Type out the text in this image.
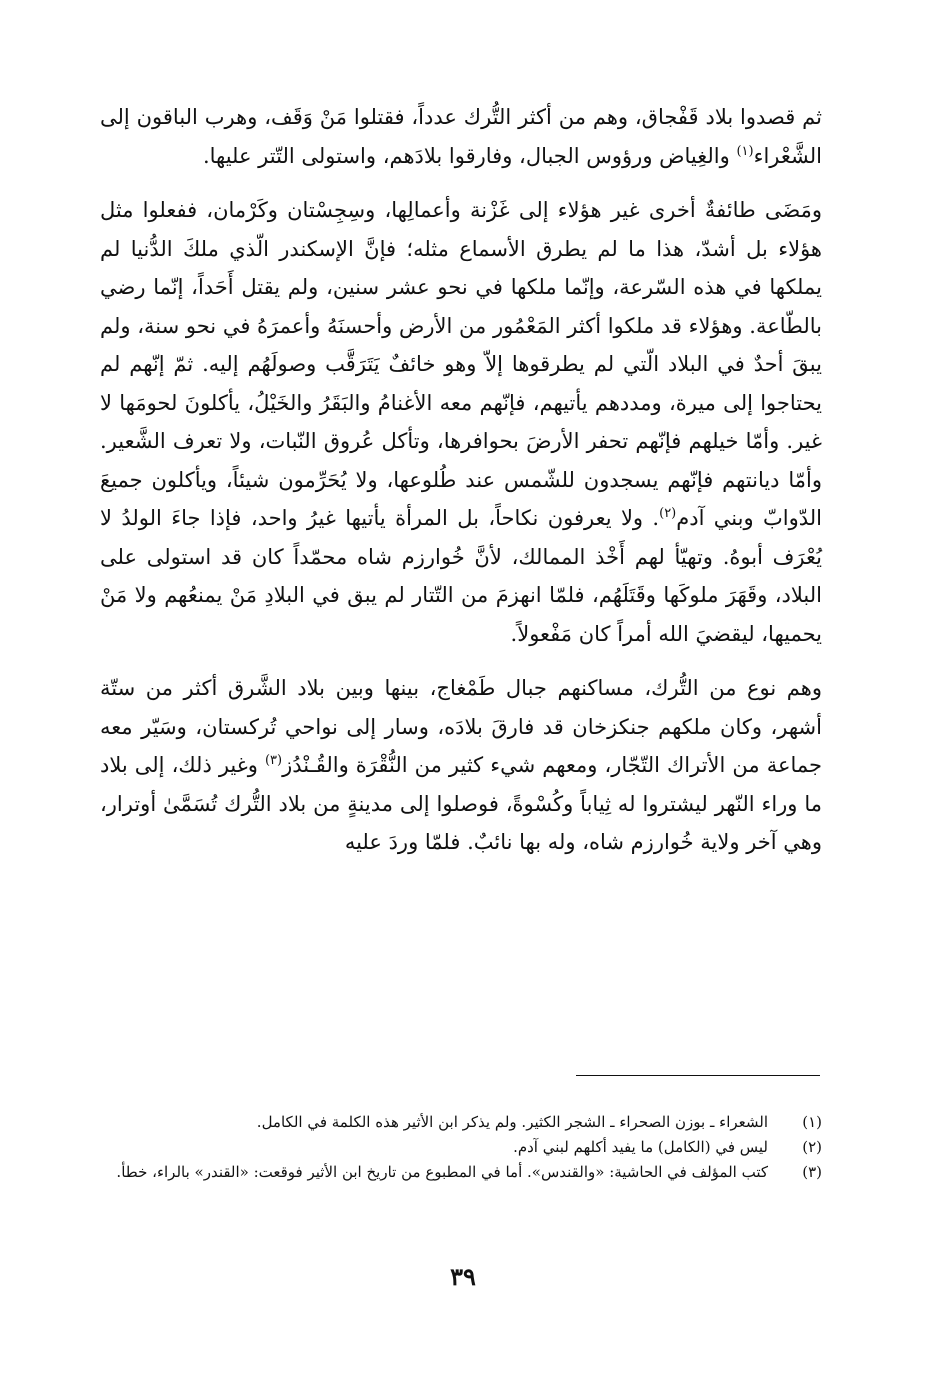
ثم قصدوا بلاد قَفْجاق، وهم من أكثر التُّرك عدداً، فقتلوا مَنْ وَقَف، وهرب الباقون إلى الشَّعْراء$^{(١)}$ والغِياض ورؤوس الجبال، وفارقوا بلادَهم، واستولى التّتر عليها.

ومَضَى طائفةٌ أخرى غير هؤلاء إلى غَزْنة وأعمالِها، وسِجِسْتان وكَرْمان، ففعلوا مثل هؤلاء بل أشدّ، هذا ما لم يطرق الأسماع مثله؛ فإنَّ الإسكندر الّذي ملكَ الدُّنيا لم يملكها في هذه السّرعة، وإنّما ملكها في نحو عشر سنين، ولم يقتل أَحَداً، إنّما رضي بالطّاعة. وهؤلاء قد ملكوا أكثر المَعْمُور من الأرض وأحسنَهُ وأعمرَهُ في نحو سنة، ولم يبقَ أحدٌ في البلاد الّتي لم يطرقوها إلاّ وهو خائفٌ يَتَرَقَّب وصولَهُم إليه. ثمّ إنّهم لم يحتاجوا إلى ميرة، ومددهم يأتيهم، فإنّهم معه الأغنامُ والبَقَرُ والخَيْلُ، يأكلونَ لحومَها لا غير. وأمّا خيلهم فإنّهم تحفر الأرضَ بحوافرها، وتأكل عُروق النّبات، ولا تعرف الشَّعير. وأمّا ديانتهم فإنّهم يسجدون للشّمس عند طُلوعها، ولا يُحَرِّمون شيئاً، ويأكلون جميعَ الدّوابّ وبني آدم$^{(٢)}$. ولا يعرفون نكاحاً، بل المرأة يأتيها غيرُ واحد، فإذا جاءَ الولدُ لا يُعْرَف أبوهُ. وتهيّأ لهم أَخْذ الممالك، لأنَّ خُوارزم شاه محمّداً كان قد استولى على البلاد، وقَهَرَ ملوكَها وقَتَلَهُم، فلمّا انهزمَ من التّتار لم يبق في البلادِ مَنْ يمنعُهم ولا مَنْ يحميها، ليقضيَ الله أمراً كان مَفْعولاً.

وهم نوع من التُّرك، مساكنهم جبال طَمْغاج، بينها وبين بلاد الشَّرق أكثر من ستّة أشهر، وكان ملكهم جنكزخان قد فارقَ بلادَه، وسار إلى نواحي تُركستان، وسَيّر معه جماعة من الأتراك التّجّار، ومعهم شيء كثير من النُّقْرَة والقُـنْدُز$^{(٣)}$ وغير ذلك، إلى بلاد ما وراء النّهر ليشتروا له ثِياباً وكُسْوةً، فوصلوا إلى مدينةٍ من بلاد التُّرك تُسَمَّىٰ أوترار، وهي آخر ولاية خُوارزم شاه، وله بها نائبٌ. فلمّا وردَ عليه

(١)
الشعراء ـ بوزن الصحراء ـ الشجر الكثير. ولم يذكر ابن الأثير هذه الكلمة في الكامل.
(٢)
ليس في (الكامل) ما يفيد أكلهم لبني آدم.
(٣)
كتب المؤلف في الحاشية: «والقندس». أما في المطبوع من تاريخ ابن الأثير فوقعت: «القندر» بالراء، خطأ.
٣٩
